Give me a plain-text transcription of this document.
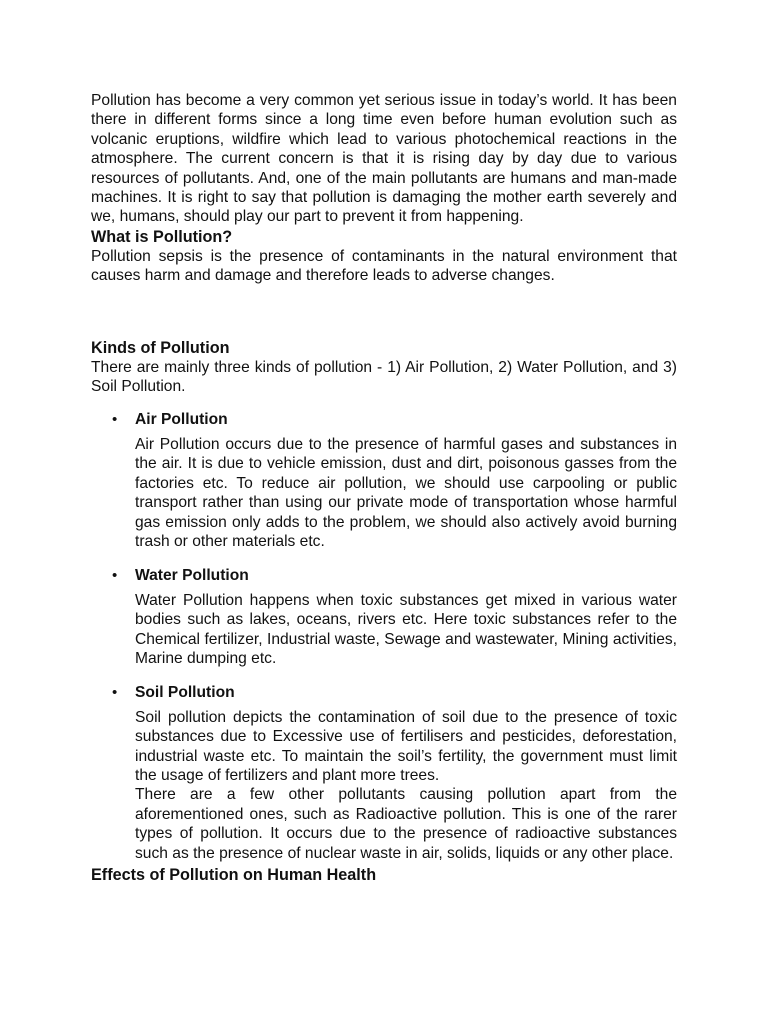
Pollution has become a very common yet serious issue in today’s world. It has been there in different forms since a long time even before human evolution such as volcanic eruptions, wildfire which lead to various photochemical reactions in the atmosphere. The current concern is that it is rising day by day due to various resources of pollutants. And, one of the main pollutants are humans and man-made machines. It is right to say that pollution is damaging the mother earth severely and we, humans, should play our part to prevent it from happening.

What is Pollution?

Pollution sepsis is the presence of contaminants in the natural environment that causes harm and damage and therefore leads to adverse changes.

Kinds of Pollution

There are mainly three kinds of pollution - 1) Air Pollution, 2) Water Pollution, and 3) Soil Pollution.

• Air Pollution

Air Pollution occurs due to the presence of harmful gases and substances in the air. It is due to vehicle emission, dust and dirt, poisonous gasses from the factories etc. To reduce air pollution, we should use carpooling or public transport rather than using our private mode of transportation whose harmful gas emission only adds to the problem, we should also actively avoid burning trash or other materials etc.

• Water Pollution

Water Pollution happens when toxic substances get mixed in various water bodies such as lakes, oceans, rivers etc. Here toxic substances refer to the Chemical fertilizer, Industrial waste, Sewage and wastewater, Mining activities, Marine dumping etc.

• Soil Pollution

Soil pollution depicts the contamination of soil due to the presence of toxic substances due to Excessive use of fertilisers and pesticides, deforestation, industrial waste etc. To maintain the soil’s fertility, the government must limit the usage of fertilizers and plant more trees.

There are a few other pollutants causing pollution apart from the aforementioned ones, such as Radioactive pollution. This is one of the rarer types of pollution. It occurs due to the presence of radioactive substances such as the presence of nuclear waste in air, solids, liquids or any other place.

Effects of Pollution on Human Health
